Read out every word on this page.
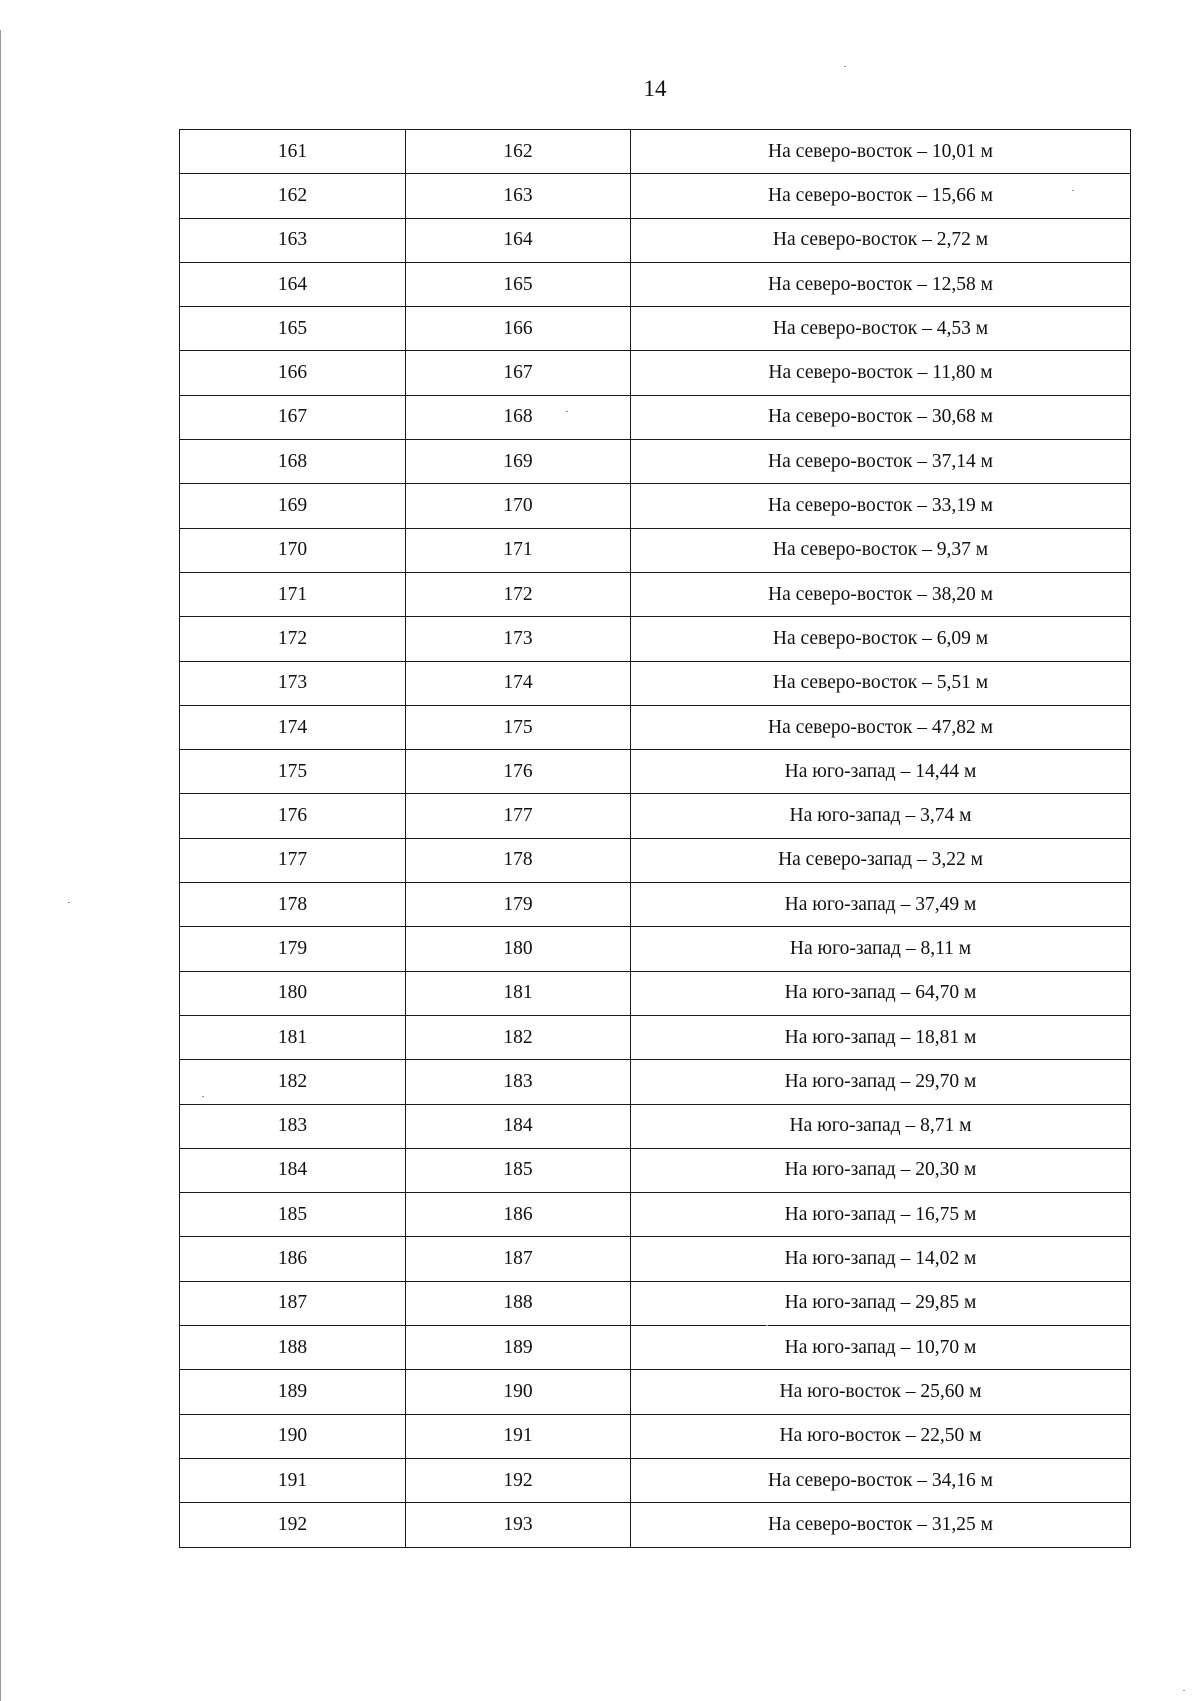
14
161	162	На северо-восток – 10,01 м
162	163	На северо-восток – 15,66 м
163	164	На северо-восток – 2,72 м
164	165	На северо-восток – 12,58 м
165	166	На северо-восток – 4,53 м
166	167	На северо-восток – 11,80 м
167	168	На северо-восток – 30,68 м
168	169	На северо-восток – 37,14 м
169	170	На северо-восток – 33,19 м
170	171	На северо-восток – 9,37 м
171	172	На северо-восток – 38,20 м
172	173	На северо-восток – 6,09 м
173	174	На северо-восток – 5,51 м
174	175	На северо-восток – 47,82 м
175	176	На юго-запад – 14,44 м
176	177	На юго-запад – 3,74 м
177	178	На северо-запад – 3,22 м
178	179	На юго-запад – 37,49 м
179	180	На юго-запад – 8,11 м
180	181	На юго-запад – 64,70 м
181	182	На юго-запад – 18,81 м
182	183	На юго-запад – 29,70 м
183	184	На юго-запад – 8,71 м
184	185	На юго-запад – 20,30 м
185	186	На юго-запад – 16,75 м
186	187	На юго-запад – 14,02 м
187	188	На юго-запад – 29,85 м
188	189	На юго-запад – 10,70 м
189	190	На юго-восток – 25,60 м
190	191	На юго-восток – 22,50 м
191	192	На северо-восток – 34,16 м
192	193	На северо-восток – 31,25 м
